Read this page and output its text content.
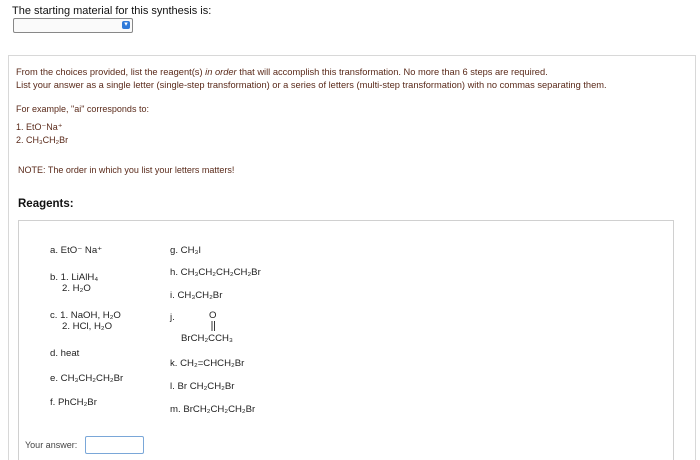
The starting material for this synthesis is:
▾
From the choices provided, list the reagent(s) in order that will accomplish this transformation. No more than 6 steps are required.
List your answer as a single letter (single-step transformation) or a series of letters (multi-step transformation) with no commas separating them.
For example, "ai" corresponds to:
1. EtO⁻Na⁺
2. CH₃CH₂Br
NOTE: The order in which you list your letters matters!
Reagents:
a. EtO⁻ Na⁺
b. 1. LiAlH₄
2. H₂O
c. 1. NaOH, H₂O
2. HCl, H₂O
d. heat
e. CH₃CH₂CH₂Br
f. PhCH₂Br
g. CH₃I
h. CH₃CH₂CH₂CH₂Br
i. CH₃CH₂Br
j.	O
BrCH₂CCH₃
k. CH₂=CHCH₂Br
l. Br CH₂CH₂Br
m. BrCH₂CH₂CH₂Br
Your answer:
